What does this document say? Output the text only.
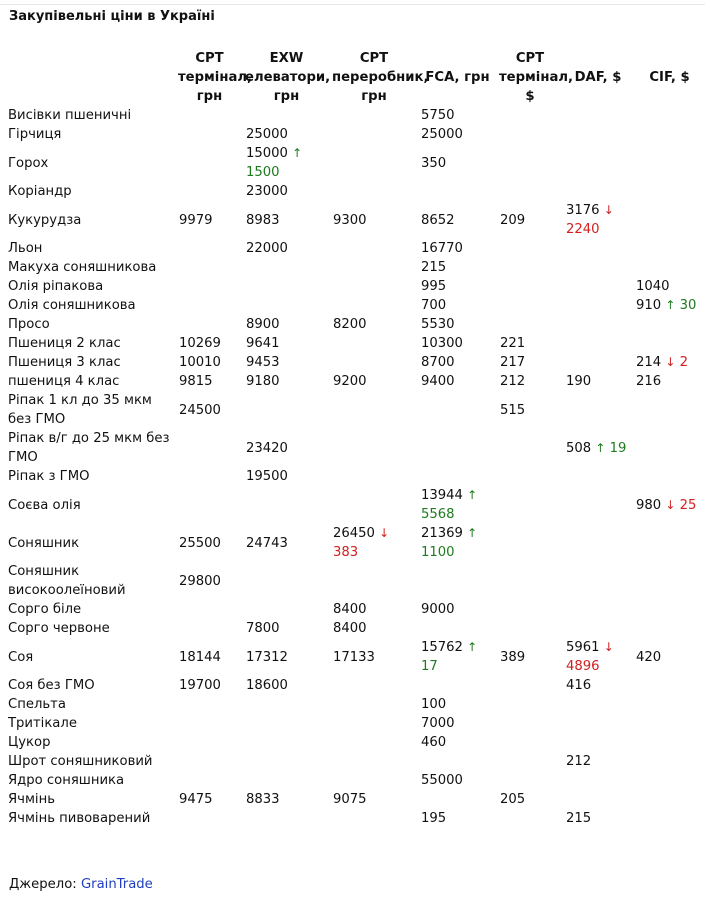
Закупівельні ціни в Україні
	CPT термінал, грн	EXW елеватори, грн	CPT переробник, грн	FCA, грн	CPT термінал, $	DAF, $	CIF, $
Висівки пшеничні				5750			
Гірчиця		25000		25000			
Горох		15000 ↑ 1500		350			
Коріандр		23000					
Кукурудза	9979	8983	9300	8652	209	3176 ↓ 2240	
Льон		22000		16770			
Макуха соняшникова				215			
Олія ріпакова				995			1040
Олія соняшникова				700			910 ↑ 30
Просо		8900	8200	5530			
Пшениця 2 клас	10269	9641		10300	221		
Пшениця 3 клас	10010	9453		8700	217		214 ↓ 2
пшениця 4 клас	9815	9180	9200	9400	212	190	216
Ріпак 1 кл до 35 мкм без ГМО	24500				515		
Ріпак в/г до 25 мкм без ГМО		23420				508 ↑ 19	
Ріпак з ГМО		19500					
Соєва олія				13944 ↑ 5568			980 ↓ 25
Соняшник	25500	24743	26450 ↓ 383	21369 ↑ 1100			
Соняшник високоолеїновий	29800						
Сорго біле			8400	9000			
Сорго червоне		7800	8400				
Соя	18144	17312	17133	15762 ↑ 17	389	5961 ↓ 4896	420
Соя без ГМО	19700	18600				416	
Спельта				100			
Тритікале				7000			
Цукор				460			
Шрот соняшниковий						212	
Ядро соняшника				55000			
Ячмінь	9475	8833	9075		205		
Ячмінь пивоварений				195		215	
Джерело: GrainTrade
